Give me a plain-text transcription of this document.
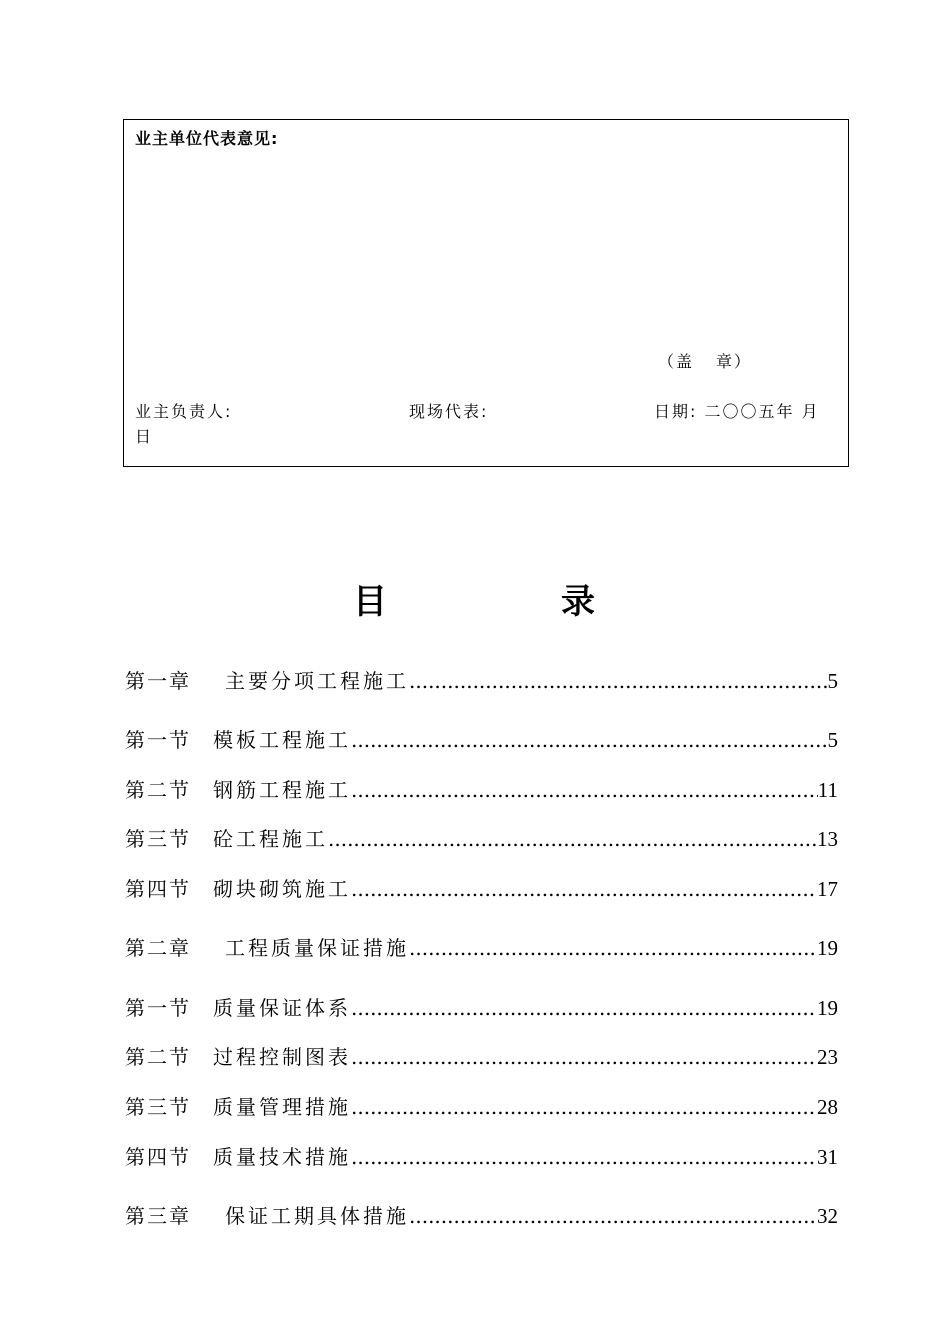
业主单位代表意见:
（盖 章）
业主负责人:	现场代表:	日期: 二〇〇五年 月
日
目	录
第一章	主要分项工程施工 .....	5
第一节	模板工程施工 .....	5
第二节	钢筋工程施工 .....	11
第三节	砼工程施工 .....	13
第四节	砌块砌筑施工 .....	17
第二章	工程质量保证措施 .....	19
第一节	质量保证体系 .....	19
第二节	过程控制图表 .....	23
第三节	质量管理措施 .....	28
第四节	质量技术措施 .....	31
第三章	保证工期具体措施 .....	32
